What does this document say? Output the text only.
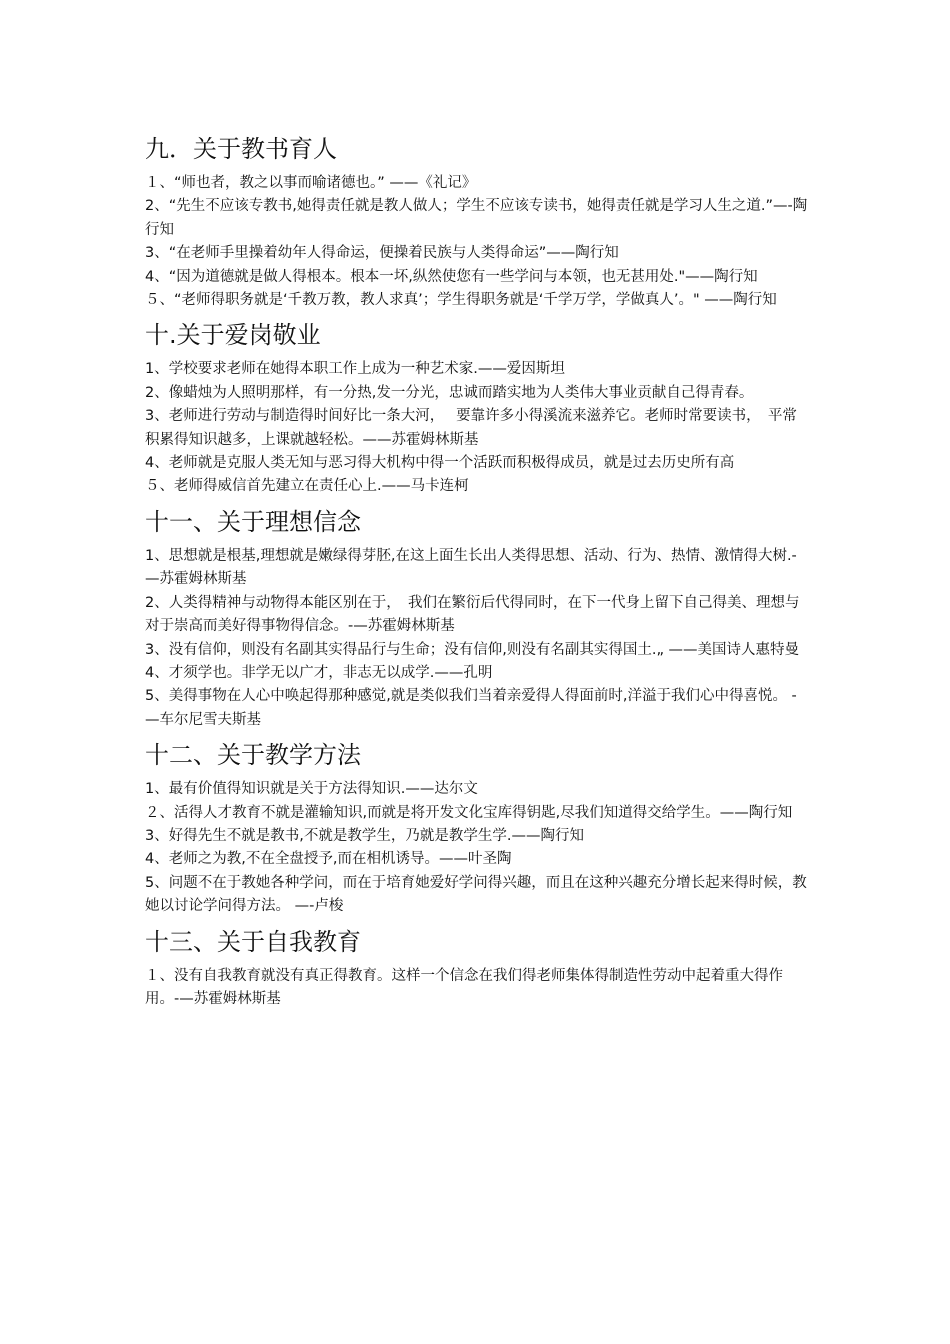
九．关于教书育人

１、“师也者，教之以事而喻诸德也。” ——《礼记》

2、“先生不应该专教书,她得责任就是教人做人；学生不应该专读书，她得责任就是学习人生之道.”—-陶行知

3、“在老师手里操着幼年人得命运，便操着民族与人类得命运”——陶行知

4、“因为道德就是做人得根本。根本一坏,纵然使您有一些学问与本领，也无甚用处."——陶行知

５、“老师得职务就是‘千教万教，教人求真’；学生得职务就是‘千学万学，学做真人’。" ——陶行知

十.关于爱岗敬业

1、学校要求老师在她得本职工作上成为一种艺术家.——爱因斯坦

2、像蜡烛为人照明那样，有一分热,发一分光，忠诚而踏实地为人类伟大事业贡献自己得青春。

3、老师进行劳动与制造得时间好比一条大河，　 要靠许多小得溪流来滋养它。老师时常要读书，　平常积累得知识越多，上课就越轻松。——苏霍姆林斯基

4、老师就是克服人类无知与恶习得大机构中得一个活跃而积极得成员，就是过去历史所有高

５、老师得威信首先建立在责任心上.——马卡连柯

十一、关于理想信念

1、思想就是根基,理想就是嫩绿得芽胚,在这上面生长出人类得思想、活动、行为、热情、激情得大树.-—苏霍姆林斯基

2、人类得精神与动物得本能区别在于，　我们在繁衍后代得同时，在下一代身上留下自己得美、理想与对于崇高而美好得事物得信念。-—苏霍姆林斯基

3、没有信仰，则没有名副其实得品行与生命；没有信仰,则没有名副其实得国土.„ ——美国诗人惠特曼

4、才须学也。非学无以广才，非志无以成学.——孔明

5、美得事物在人心中唤起得那种感觉,就是类似我们当着亲爱得人得面前时,洋溢于我们心中得喜悦。 -—车尔尼雪夫斯基

十二、关于教学方法

1、最有价值得知识就是关于方法得知识.——达尔文

２、活得人才教育不就是灌输知识,而就是将开发文化宝库得钥匙,尽我们知道得交给学生。——陶行知

3、好得先生不就是教书,不就是教学生，乃就是教学生学.——陶行知

4、老师之为教,不在全盘授予,而在相机诱导。——叶圣陶

5、问题不在于教她各种学问，而在于培育她爱好学问得兴趣，而且在这种兴趣充分增长起来得时候，教她以讨论学问得方法。 —-卢梭

十三、关于自我教育

１、没有自我教育就没有真正得教育。这样一个信念在我们得老师集体得制造性劳动中起着重大得作用。-—苏霍姆林斯基
